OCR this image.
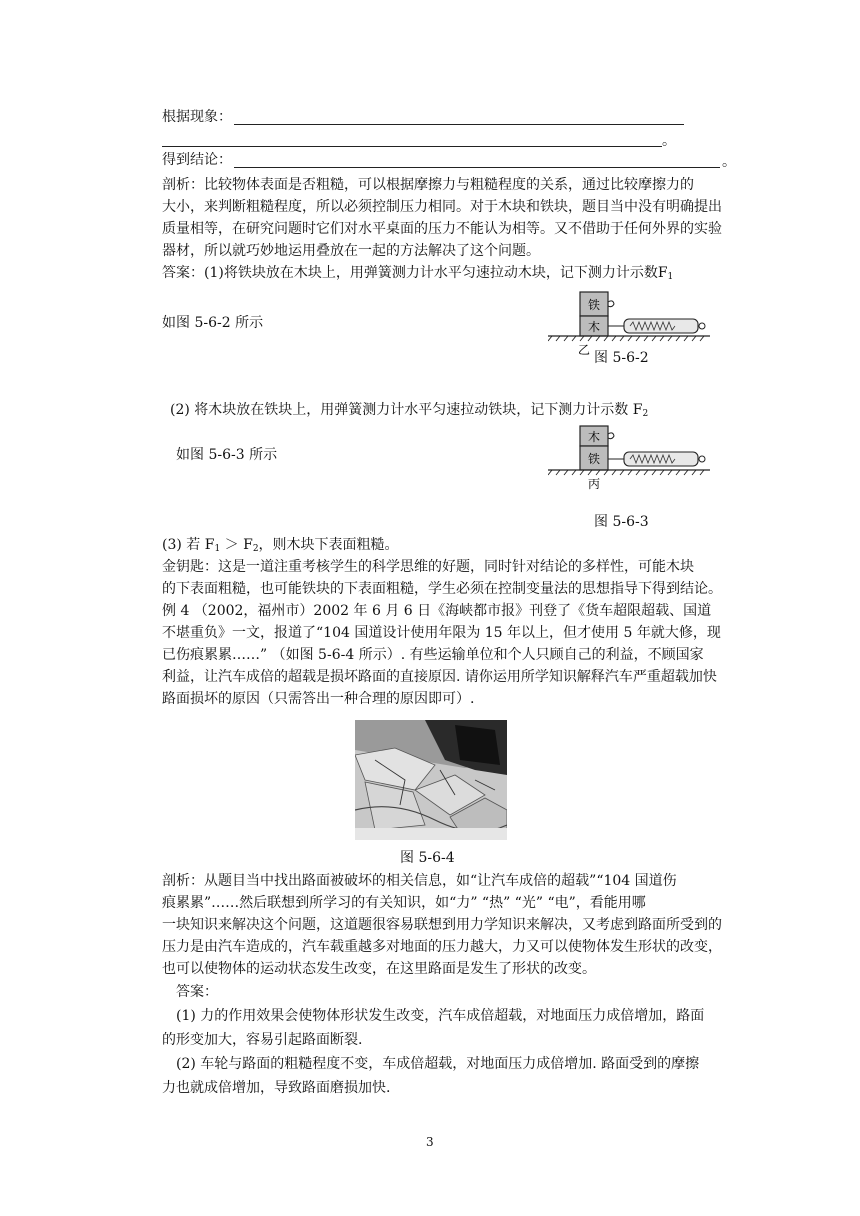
根据现象：
。
得到结论：	。
剖析：比较物体表面是否粗糙，可以根据摩擦力与粗糙程度的关系，通过比较摩擦力的
大小，来判断粗糙程度，所以必须控制压力相同。对于木块和铁块，题目当中没有明确提出
质量相等，在研究问题时它们对水平桌面的压力不能认为相等。又不借助于任何外界的实验
器材，所以就巧妙地运用叠放在一起的方法解决了这个问题。
答案：(1)将铁块放在木块上，用弹簧测力计水平匀速拉动木块，记下测力计示数$F_1$
如图 5-6-2 所示
铁
木
乙 图 5-6-2
(2) 将木块放在铁块上，用弹簧测力计水平匀速拉动铁块，记下测力计示数 $F_2$
如图 5-6-3 所示
木
铁
丙
图 5-6-3
(3) 若 $F_1 > F_2$，则木块下表面粗糙。
金钥匙：这是一道注重考核学生的科学思维的好题，同时针对结论的多样性，可能木块
的下表面粗糙，也可能铁块的下表面粗糙，学生必须在控制变量法的思想指导下得到结论。
例 4 （2002，福州市）2002 年 6 月 6 日《海峡都市报》刊登了《货车超限超载、国道
不堪重负》一文，报道了“104 国道设计使用年限为 15 年以上，但才使用 5 年就大修，现
已伤痕累累……” （如图 5-6-4 所示）. 有些运输单位和个人只顾自己的利益，不顾国家
利益，让汽车成倍的超载是损坏路面的直接原因. 请你运用所学知识解释汽车严重超载加快
路面损坏的原因（只需答出一种合理的原因即可）.
图 5-6-4
剖析：从题目当中找出路面被破坏的相关信息，如“让汽车成倍的超载”“104 国道伤
痕累累”……然后联想到所学习的有关知识，如“力” “热” “光” “电”，看能用哪
一块知识来解决这个问题，这道题很容易联想到用力学知识来解决，又考虑到路面所受到的
压力是由汽车造成的，汽车载重越多对地面的压力越大，力又可以使物体发生形状的改变，
也可以使物体的运动状态发生改变，在这里路面是发生了形状的改变。
答案：
(1) 力的作用效果会使物体形状发生改变，汽车成倍超载，对地面压力成倍增加，路面
的形变加大，容易引起路面断裂.
(2) 车轮与路面的粗糙程度不变，车成倍超载，对地面压力成倍增加. 路面受到的摩擦
力也就成倍增加，导致路面磨损加快.
3
